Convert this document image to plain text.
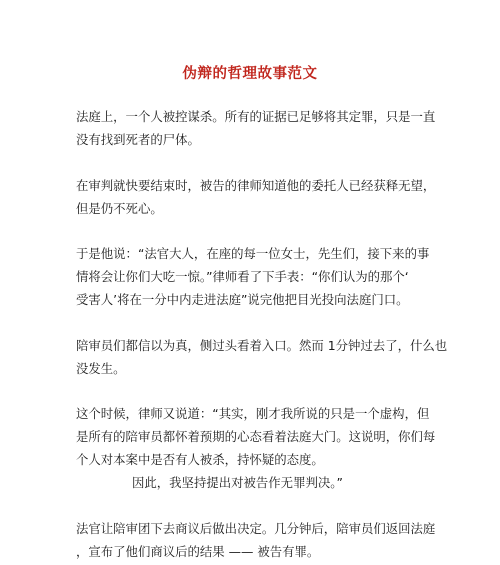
伪辩的哲理故事范文
法庭上，一个人被控谋杀。所有的证据已足够将其定罪，只是一直
没有找到死者的尸体。
在审判就快要结束时，被告的律师知道他的委托人已经获释无望，
但是仍不死心。
于是他说：“法官大人，在座的每一位女士，先生们，接下来的事
情将会让你们大吃一惊。”律师看了下手表：“你们认为的那个‘
受害人’将在一分中内走进法庭”说完他把目光投向法庭门口。
陪审员们都信以为真，侧过头看着入口。然而 1分钟过去了，什么也
没发生。
这个时候，律师又说道：“其实，刚才我所说的只是一个虚构，但
是所有的陪审员都怀着预期的心态看着法庭大门。这说明，你们每
个人对本案中是否有人被杀，持怀疑的态度。
因此，我坚持提出对被告作无罪判决。”
法官让陪审团下去商议后做出决定。几分钟后，陪审员们返回法庭
，宣布了他们商议后的结果 —— 被告有罪。
